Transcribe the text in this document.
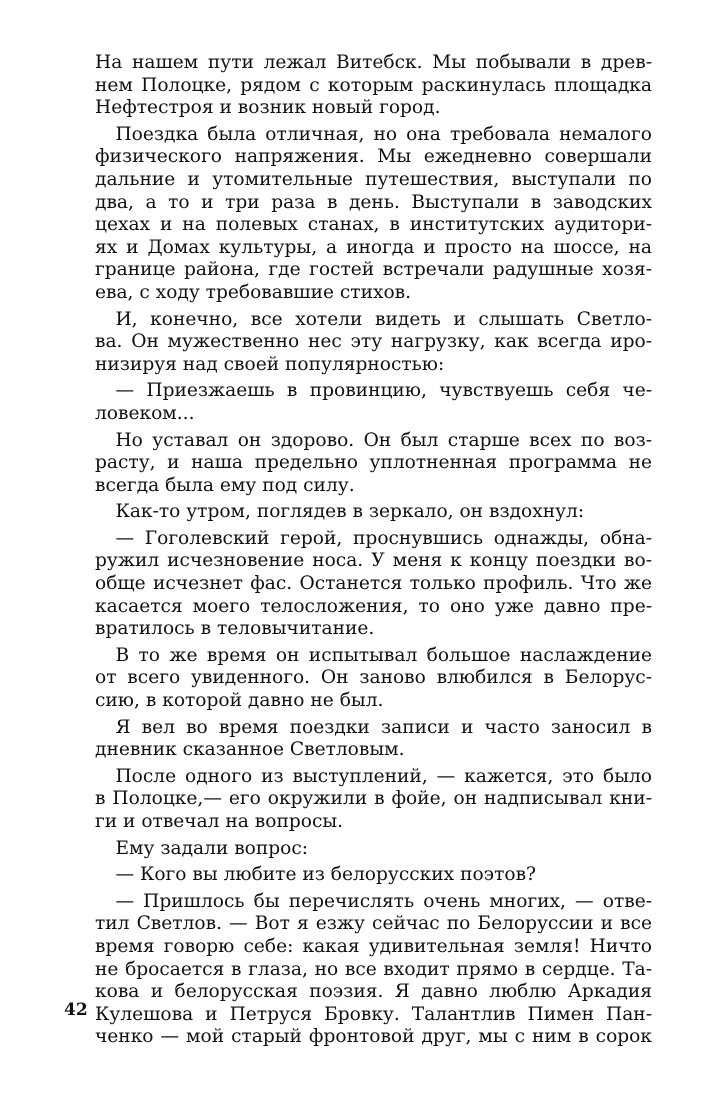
На нашем пути лежал Витебск. Мы побывали в древ-
нем Полоцке, рядом с которым раскинулась площадка
Нефтестроя и возник новый город.
Поездка была отличная, но она требовала немалого
физического напряжения. Мы ежедневно совершали
дальние и утомительные путешествия, выступали по
два, а то и три раза в день. Выступали в заводских
цехах и на полевых станах, в институтских аудитори-
ях и Домах культуры, а иногда и просто на шоссе, на
границе района, где гостей встречали радушные хозя-
ева, с ходу требовавшие стихов.
И, конечно, все хотели видеть и слышать Светло-
ва. Он мужественно нес эту нагрузку, как всегда иро-
низируя над своей популярностью:
— Приезжаешь в провинцию, чувствуешь себя че-
ловеком...
Но уставал он здорово. Он был старше всех по воз-
расту, и наша предельно уплотненная программа не
всегда была ему под силу.
Как-то утром, поглядев в зеркало, он вздохнул:
— Гоголевский герой, проснувшись однажды, обна-
ружил исчезновение носа. У меня к концу поездки во-
обще исчезнет фас. Останется только профиль. Что же
касается моего телосложения, то оно уже давно пре-
вратилось в теловычитание.
В то же время он испытывал большое наслаждение
от всего увиденного. Он заново влюбился в Белорус-
сию, в которой давно не был.
Я вел во время поездки записи и часто заносил в
дневник сказанное Светловым.
После одного из выступлений, — кажется, это было
в Полоцке,— его окружили в фойе, он надписывал кни-
ги и отвечал на вопросы.
Ему задали вопрос:
— Кого вы любите из белорусских поэтов?
— Пришлось бы перечислять очень многих, — отве-
тил Светлов. — Вот я езжу сейчас по Белоруссии и все
время говорю себе: какая удивительная земля! Ничто
не бросается в глаза, но все входит прямо в сердце. Та-
кова и белорусская поэзия. Я давно люблю Аркадия
Кулешова и Петруся Бровку. Талантлив Пимен Пан-
ченко — мой старый фронтовой друг, мы с ним в сорок
42
